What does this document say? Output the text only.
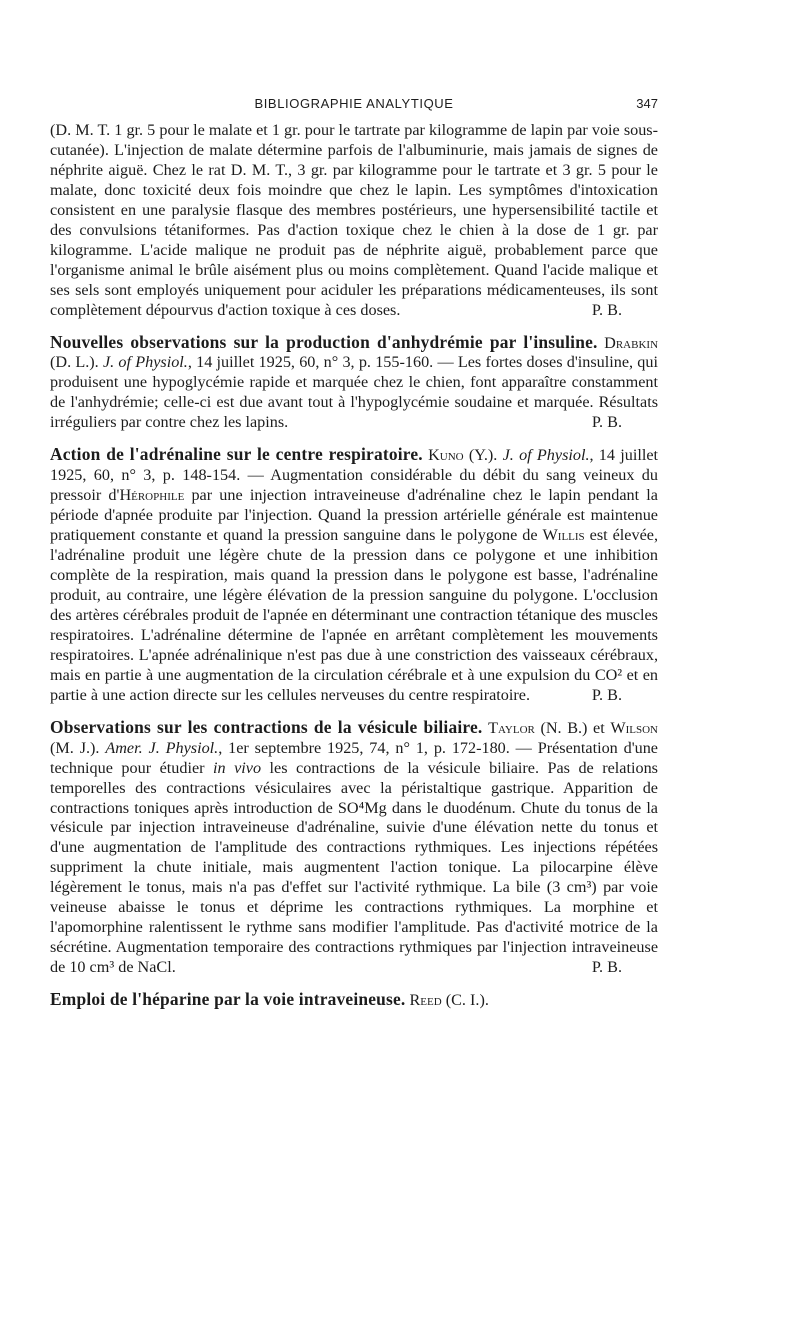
BIBLIOGRAPHIE ANALYTIQUE	347

(D. M. T. 1 gr. 5 pour le malate et 1 gr. pour le tartrate par kilogramme de lapin par voie sous-cutanée). L'injection de malate détermine parfois de l'albuminurie, mais jamais de signes de néphrite aiguë. Chez le rat D. M. T., 3 gr. par kilogramme pour le tartrate et 3 gr. 5 pour le malate, donc toxicité deux fois moindre que chez le lapin. Les symptômes d'intoxication consistent en une paralysie flasque des membres postérieurs, une hypersensibilité tactile et des convulsions tétaniformes. Pas d'action toxique chez le chien à la dose de 1 gr. par kilogramme. L'acide malique ne produit pas de néphrite aiguë, probablement parce que l'organisme animal le brûle aisément plus ou moins complètement. Quand l'acide malique et ses sels sont employés uniquement pour aciduler les préparations médicamenteuses, ils sont complètement dépourvus d'action toxique à ces doses.	P. B.

Nouvelles observations sur la production d'anhydrémie par l'insuline. Drabkin (D. L.). J. of Physiol., 14 juillet 1925, 60, n° 3, p. 155-160. — Les fortes doses d'insuline, qui produisent une hypoglycémie rapide et marquée chez le chien, font apparaître constamment de l'anhydrémie; celle-ci est due avant tout à l'hypoglycémie soudaine et marquée. Résultats irréguliers par contre chez les lapins.	P. B.

Action de l'adrénaline sur le centre respiratoire. Kuno (Y.). J. of Physiol., 14 juillet 1925, 60, n° 3, p. 148-154. — Augmentation considérable du débit du sang veineux du pressoir d'Hérophile par une injection intraveineuse d'adrénaline chez le lapin pendant la période d'apnée produite par l'injection. Quand la pression artérielle générale est maintenue pratiquement constante et quand la pression sanguine dans le polygone de Willis est élevée, l'adrénaline produit une légère chute de la pression dans ce polygone et une inhibition complète de la respiration, mais quand la pression dans le polygone est basse, l'adrénaline produit, au contraire, une légère élévation de la pression sanguine du polygone. L'occlusion des artères cérébrales produit de l'apnée en déterminant une contraction tétanique des muscles respiratoires. L'adrénaline détermine de l'apnée en arrêtant complètement les mouvements respiratoires. L'apnée adrénalinique n'est pas due à une constriction des vaisseaux cérébraux, mais en partie à une augmentation de la circulation cérébrale et à une expulsion du CO² et en partie à une action directe sur les cellules nerveuses du centre respiratoire.	P. B.

Observations sur les contractions de la vésicule biliaire. Taylor (N. B.) et Wilson (M. J.). Amer. J. Physiol., 1er septembre 1925, 74, n° 1, p. 172-180. — Présentation d'une technique pour étudier in vivo les contractions de la vésicule biliaire. Pas de relations temporelles des contractions vésiculaires avec la péristaltique gastrique. Apparition de contractions toniques après introduction de SO⁴Mg dans le duodénum. Chute du tonus de la vésicule par injection intraveineuse d'adrénaline, suivie d'une élévation nette du tonus et d'une augmentation de l'amplitude des contractions rythmiques. Les injections répétées suppriment la chute initiale, mais augmentent l'action tonique. La pilocarpine élève légèrement le tonus, mais n'a pas d'effet sur l'activité rythmique. La bile (3 cm³) par voie veineuse abaisse le tonus et déprime les contractions rythmiques. La morphine et l'apomorphine ralentissent le rythme sans modifier l'amplitude. Pas d'activité motrice de la sécrétine. Augmentation temporaire des contractions rythmiques par l'injection intraveineuse de 10 cm³ de NaCl.	P. B.

Emploi de l'héparine par la voie intraveineuse. Reed (C. I.).
